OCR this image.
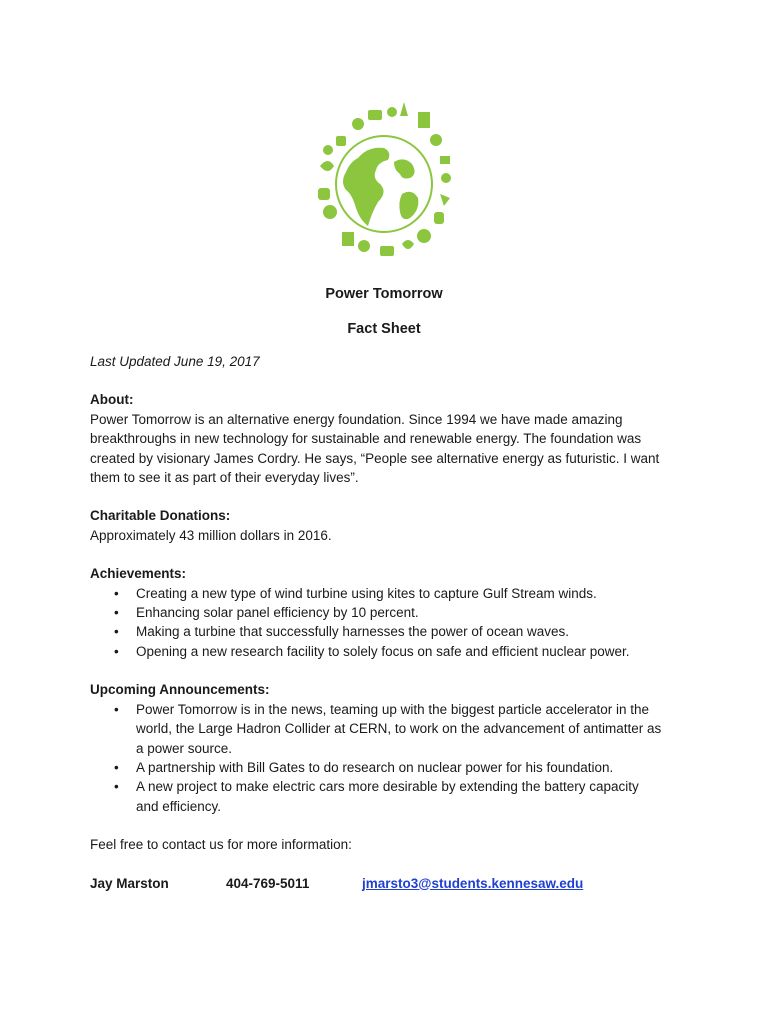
Power Tomorrow
Fact Sheet

Last Updated June 19, 2017

About:

Power Tomorrow is an alternative energy foundation. Since 1994 we have made amazing

breakthroughs in new technology for sustainable and renewable energy. The foundation was

created by visionary James Cordry. He says, “People see alternative energy as futuristic. I want

them to see it as part of their everyday lives”.

Charitable Donations:

Approximately 43 million dollars in 2016.

Achievements:

• Creating a new type of wind turbine using kites to capture Gulf Stream winds.
• Enhancing solar panel efficiency by 10 percent.
• Making a turbine that successfully harnesses the power of ocean waves.
• Opening a new research facility to solely focus on safe and efficient nuclear power.

Upcoming Announcements:

• Power Tomorrow is in the news, teaming up with the biggest particle accelerator in the
world, the Large Hadron Collider at CERN, to work on the advancement of antimatter as
a power source.
• A partnership with Bill Gates to do research on nuclear power for his foundation.
• A new project to make electric cars more desirable by extending the battery capacity
and efficiency.

Feel free to contact us for more information:

Jay Marston	404-769-5011	jmarsto3@students.kennesaw.edu
